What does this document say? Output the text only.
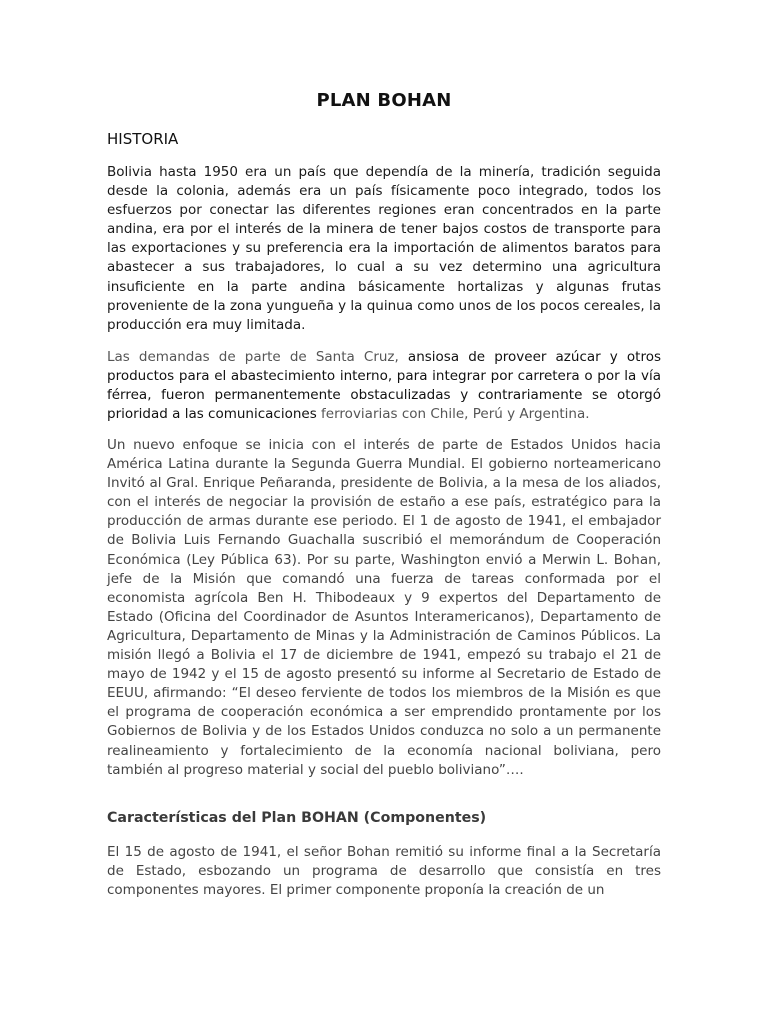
PLAN BOHAN
HISTORIA

Bolivia hasta 1950 era un país que dependía de la minería, tradición seguida desde la colonia, además era un país físicamente poco integrado, todos los esfuerzos por conectar las diferentes regiones eran concentrados en la parte andina, era por el interés de la minera de tener bajos costos de transporte para las exportaciones y su preferencia era la importación de alimentos baratos para abastecer a sus trabajadores, lo cual a su vez determino una agricultura insuficiente en la parte andina básicamente hortalizas y algunas frutas proveniente de la zona yungueña y la quinua como unos de los pocos cereales, la producción era muy limitada.

Las demandas de parte de Santa Cruz, ansiosa de proveer azúcar y otros productos para el abastecimiento interno, para integrar por carretera o por la vía férrea, fueron permanentemente obstaculizadas y contrariamente se otorgó prioridad a las comunicaciones ferroviarias con Chile, Perú y Argentina.

Un nuevo enfoque se inicia con el interés de parte de Estados Unidos hacia América Latina durante la Segunda Guerra Mundial. El gobierno norteamericano Invitó al Gral. Enrique Peñaranda, presidente de Bolivia, a la mesa de los aliados, con el interés de negociar la provisión de estaño a ese país, estratégico para la producción de armas durante ese periodo. El 1 de agosto de 1941, el embajador de Bolivia Luis Fernando Guachalla suscribió el memorándum de Cooperación Económica (Ley Pública 63). Por su parte, Washington envió a Merwin L. Bohan, jefe de la Misión que comandó una fuerza de tareas conformada por el economista agrícola Ben H. Thibodeaux y 9 expertos del Departamento de Estado (Oficina del Coordinador de Asuntos Interamericanos), Departamento de Agricultura, Departamento de Minas y la Administración de Caminos Públicos. La misión llegó a Bolivia el 17 de diciembre de 1941, empezó su trabajo el 21 de mayo de 1942 y el 15 de agosto presentó su informe al Secretario de Estado de EEUU, afirmando: “El deseo ferviente de todos los miembros de la Misión es que el programa de cooperación económica a ser emprendido prontamente por los Gobiernos de Bolivia y de los Estados Unidos conduzca no solo a un permanente realineamiento y fortalecimiento de la economía nacional boliviana, pero también al progreso material y social del pueblo boliviano”….

Características del Plan BOHAN (Componentes)

El 15 de agosto de 1941, el señor Bohan remitió su informe final a la Secretaría de Estado, esbozando un programa de desarrollo que consistía en tres componentes mayores. El primer componente proponía la creación de un
